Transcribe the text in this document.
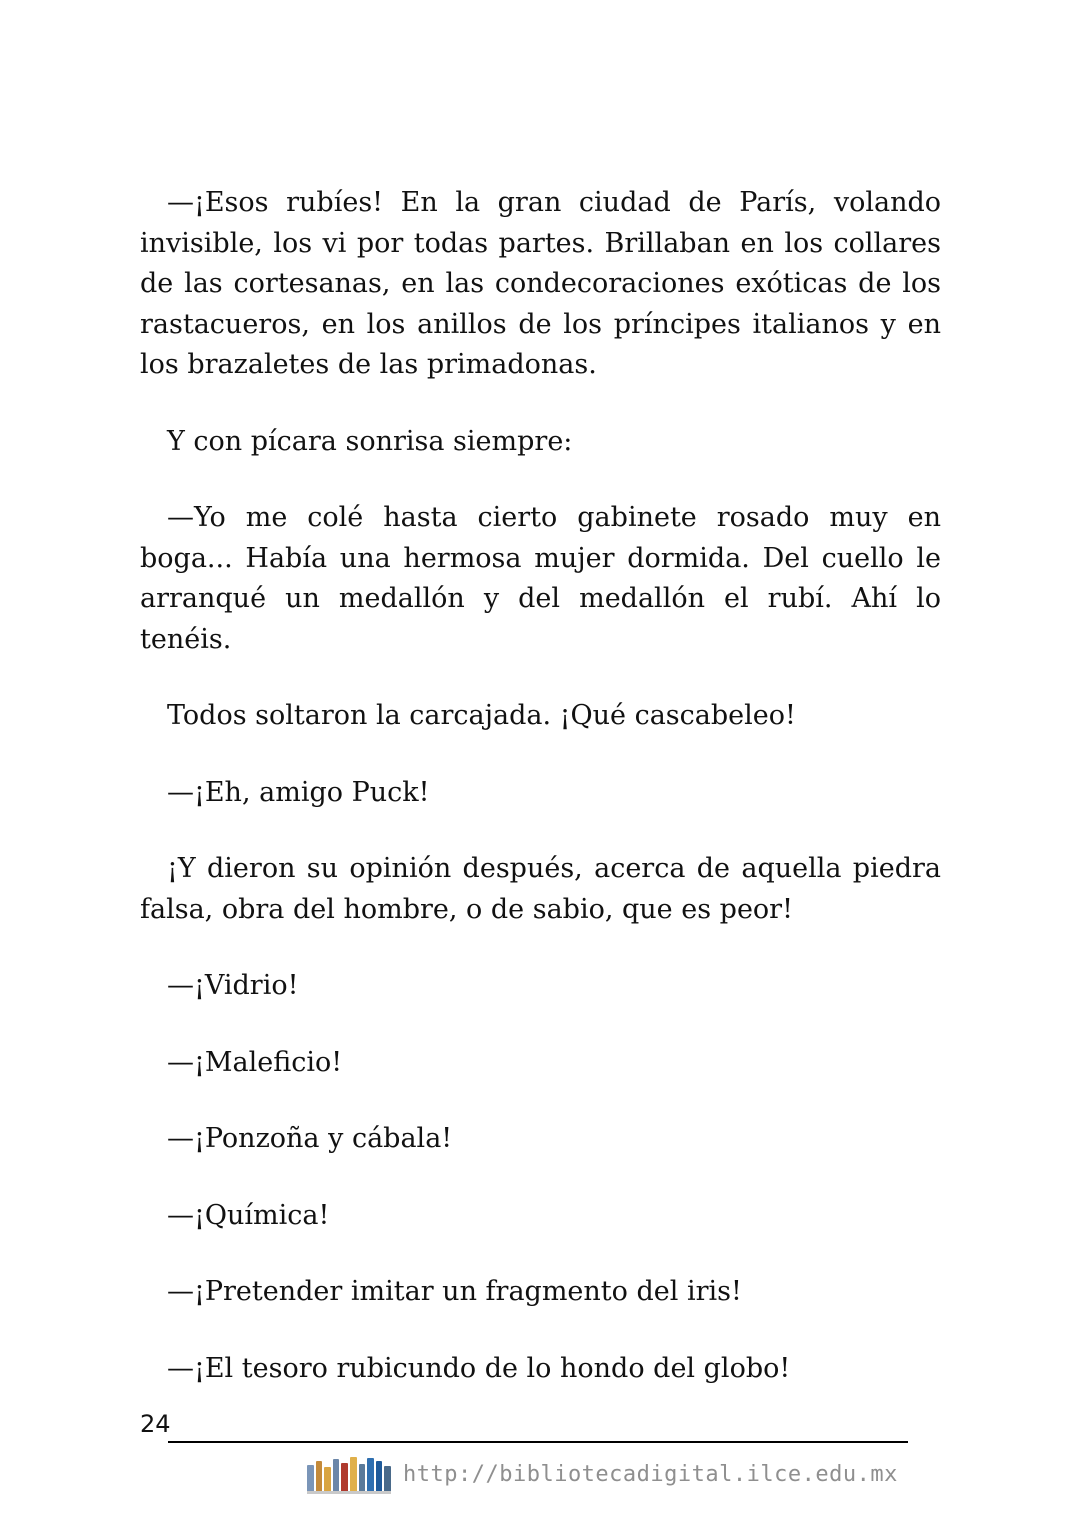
—¡Esos rubíes! En la gran ciudad de París, volando invisible, los vi por todas partes. Brillaban en los collares de las cortesanas, en las condecoraciones exóticas de los rastacueros, en los anillos de los príncipes italianos y en los brazaletes de las primadonas.

Y con pícara sonrisa siempre:

—Yo me colé hasta cierto gabinete rosado muy en boga... Había una hermosa mujer dormida. Del cuello le arranqué un medallón y del medallón el rubí. Ahí lo tenéis.

Todos soltaron la carcajada. ¡Qué cascabeleo!

—¡Eh, amigo Puck!

¡Y dieron su opinión después, acerca de aquella piedra falsa, obra del hombre, o de sabio, que es peor!

—¡Vidrio!

—¡Maleficio!

—¡Ponzoña y cábala!

—¡Química!

—¡Pretender imitar un fragmento del iris!

—¡El tesoro rubicundo de lo hondo del globo!

24
http://bibliotecadigital.ilce.edu.mx
